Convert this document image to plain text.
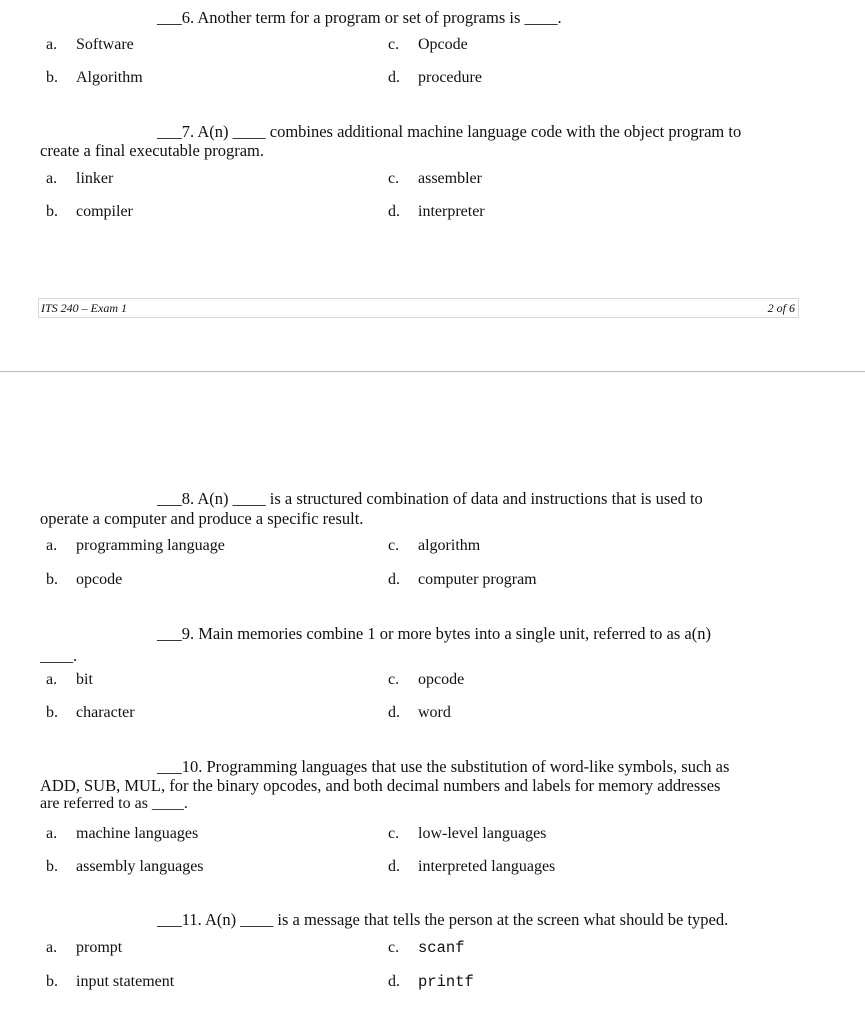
___6. Another term for a program or set of programs is ____.
a. Software	c. Opcode
b. Algorithm	d. procedure
___7. A(n) ____ combines additional machine language code with the object program to
create a final executable program.
a. linker	c. assembler
b. compiler	d. interpreter
ITS 240 – Exam 1	2 of 6
___8. A(n) ____ is a structured combination of data and instructions that is used to
operate a computer and produce a specific result.
a. programming language	c. algorithm
b. opcode	d. computer program
___9. Main memories combine 1 or more bytes into a single unit, referred to as a(n)
____.
a. bit	c. opcode
b. character	d. word
___10. Programming languages that use the substitution of word-like symbols, such as
ADD, SUB, MUL, for the binary opcodes, and both decimal numbers and labels for memory addresses
are referred to as ____.
a. machine languages	c. low-level languages
b. assembly languages	d. interpreted languages
___11. A(n) ____ is a message that tells the person at the screen what should be typed.
a. prompt	c. scanf
b. input statement	d. printf
